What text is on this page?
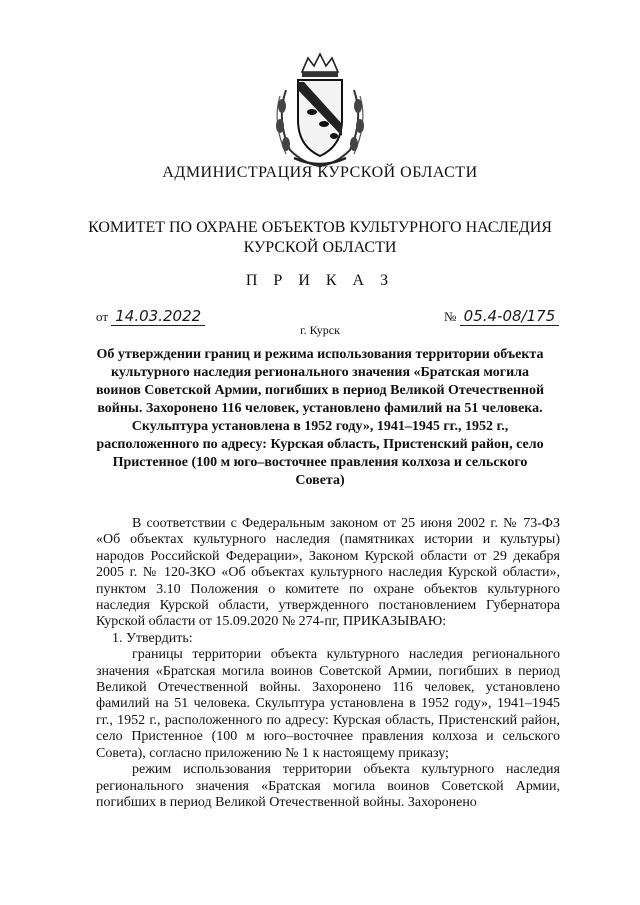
АДМИНИСТРАЦИЯ КУРСКОЙ ОБЛАСТИ
КОМИТЕТ ПО ОХРАНЕ ОБЪЕКТОВ КУЛЬТУРНОГО НАСЛЕДИЯ
КУРСКОЙ ОБЛАСТИ
П Р И К А З
от 14.03.2022	№ 05.4-08/175
г. Курск
Об утверждении границ и режима использования территории объекта культурного наследия регионального значения «Братская могила воинов Советской Армии, погибших в период Великой Отечественной войны. Захоронено 116 человек, установлено фамилий на 51 человека. Скульптура установлена в 1952 году», 1941–1945 гг., 1952 г., расположенного по адресу: Курская область, Пристенский район, село Пристенное (100 м юго–восточнее правления колхоза и сельского Совета)

В соответствии с Федеральным законом от 25 июня 2002 г. № 73-ФЗ «Об объектах культурного наследия (памятниках истории и культуры) народов Российской Федерации», Законом Курской области от 29 декабря 2005 г. № 120-ЗКО «Об объектах культурного наследия Курской области», пунктом 3.10 Положения о комитете по охране объектов культурного наследия Курской области, утвержденного постановлением Губернатора Курской области от 15.09.2020 № 274-пг, ПРИКАЗЫВАЮ:

1. Утвердить:

границы территории объекта культурного наследия регионального значения «Братская могила воинов Советской Армии, погибших в период Великой Отечественной войны. Захоронено 116 человек, установлено фамилий на 51 человека. Скульптура установлена в 1952 году», 1941–1945 гг., 1952 г., расположенного по адресу: Курская область, Пристенский район, село Пристенное (100 м юго–восточнее правления колхоза и сельского Совета), согласно приложению № 1 к настоящему приказу;

режим использования территории объекта культурного наследия регионального значения «Братская могила воинов Советской Армии, погибших в период Великой Отечественной войны. Захоронено
